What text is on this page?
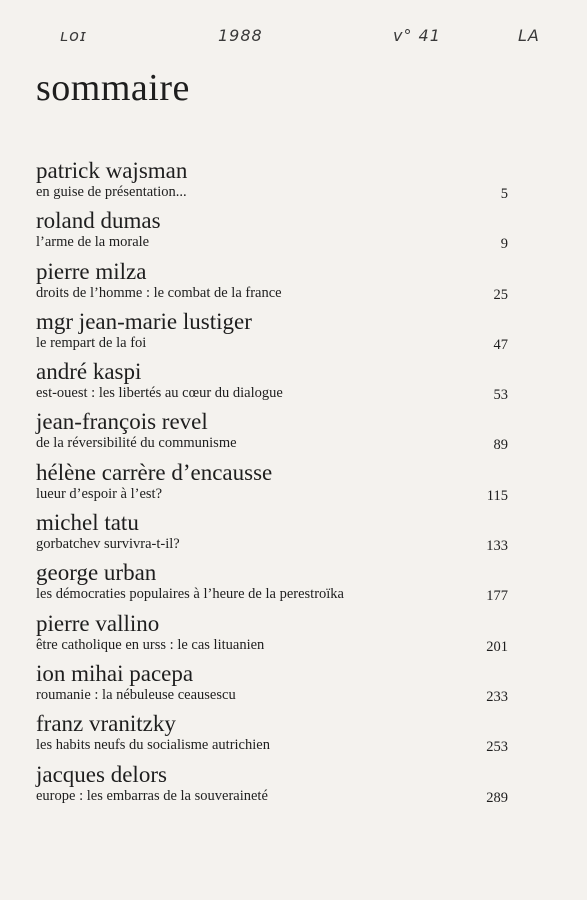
ʟᴏɪ	1988	ᴠ° 41	LA
sommaire
patrick wajsman
en guise de présentation...	5
roland dumas
l’arme de la morale	9
pierre milza
droits de l’homme : le combat de la france	25
mgr jean-marie lustiger
le rempart de la foi	47
andré kaspi
est-ouest : les libertés au cœur du dialogue	53
jean-françois revel
de la réversibilité du communisme	89
hélène carrère d’encausse
lueur d’espoir à l’est?	115
michel tatu
gorbatchev survivra-t-il?	133
george urban
les démocraties populaires à l’heure de la perestroïka	177
pierre vallino
être catholique en urss : le cas lituanien	201
ion mihai pacepa
roumanie : la nébuleuse ceausescu	233
franz vranitzky
les habits neufs du socialisme autrichien	253
jacques delors
europe : les embarras de la souveraineté	289
